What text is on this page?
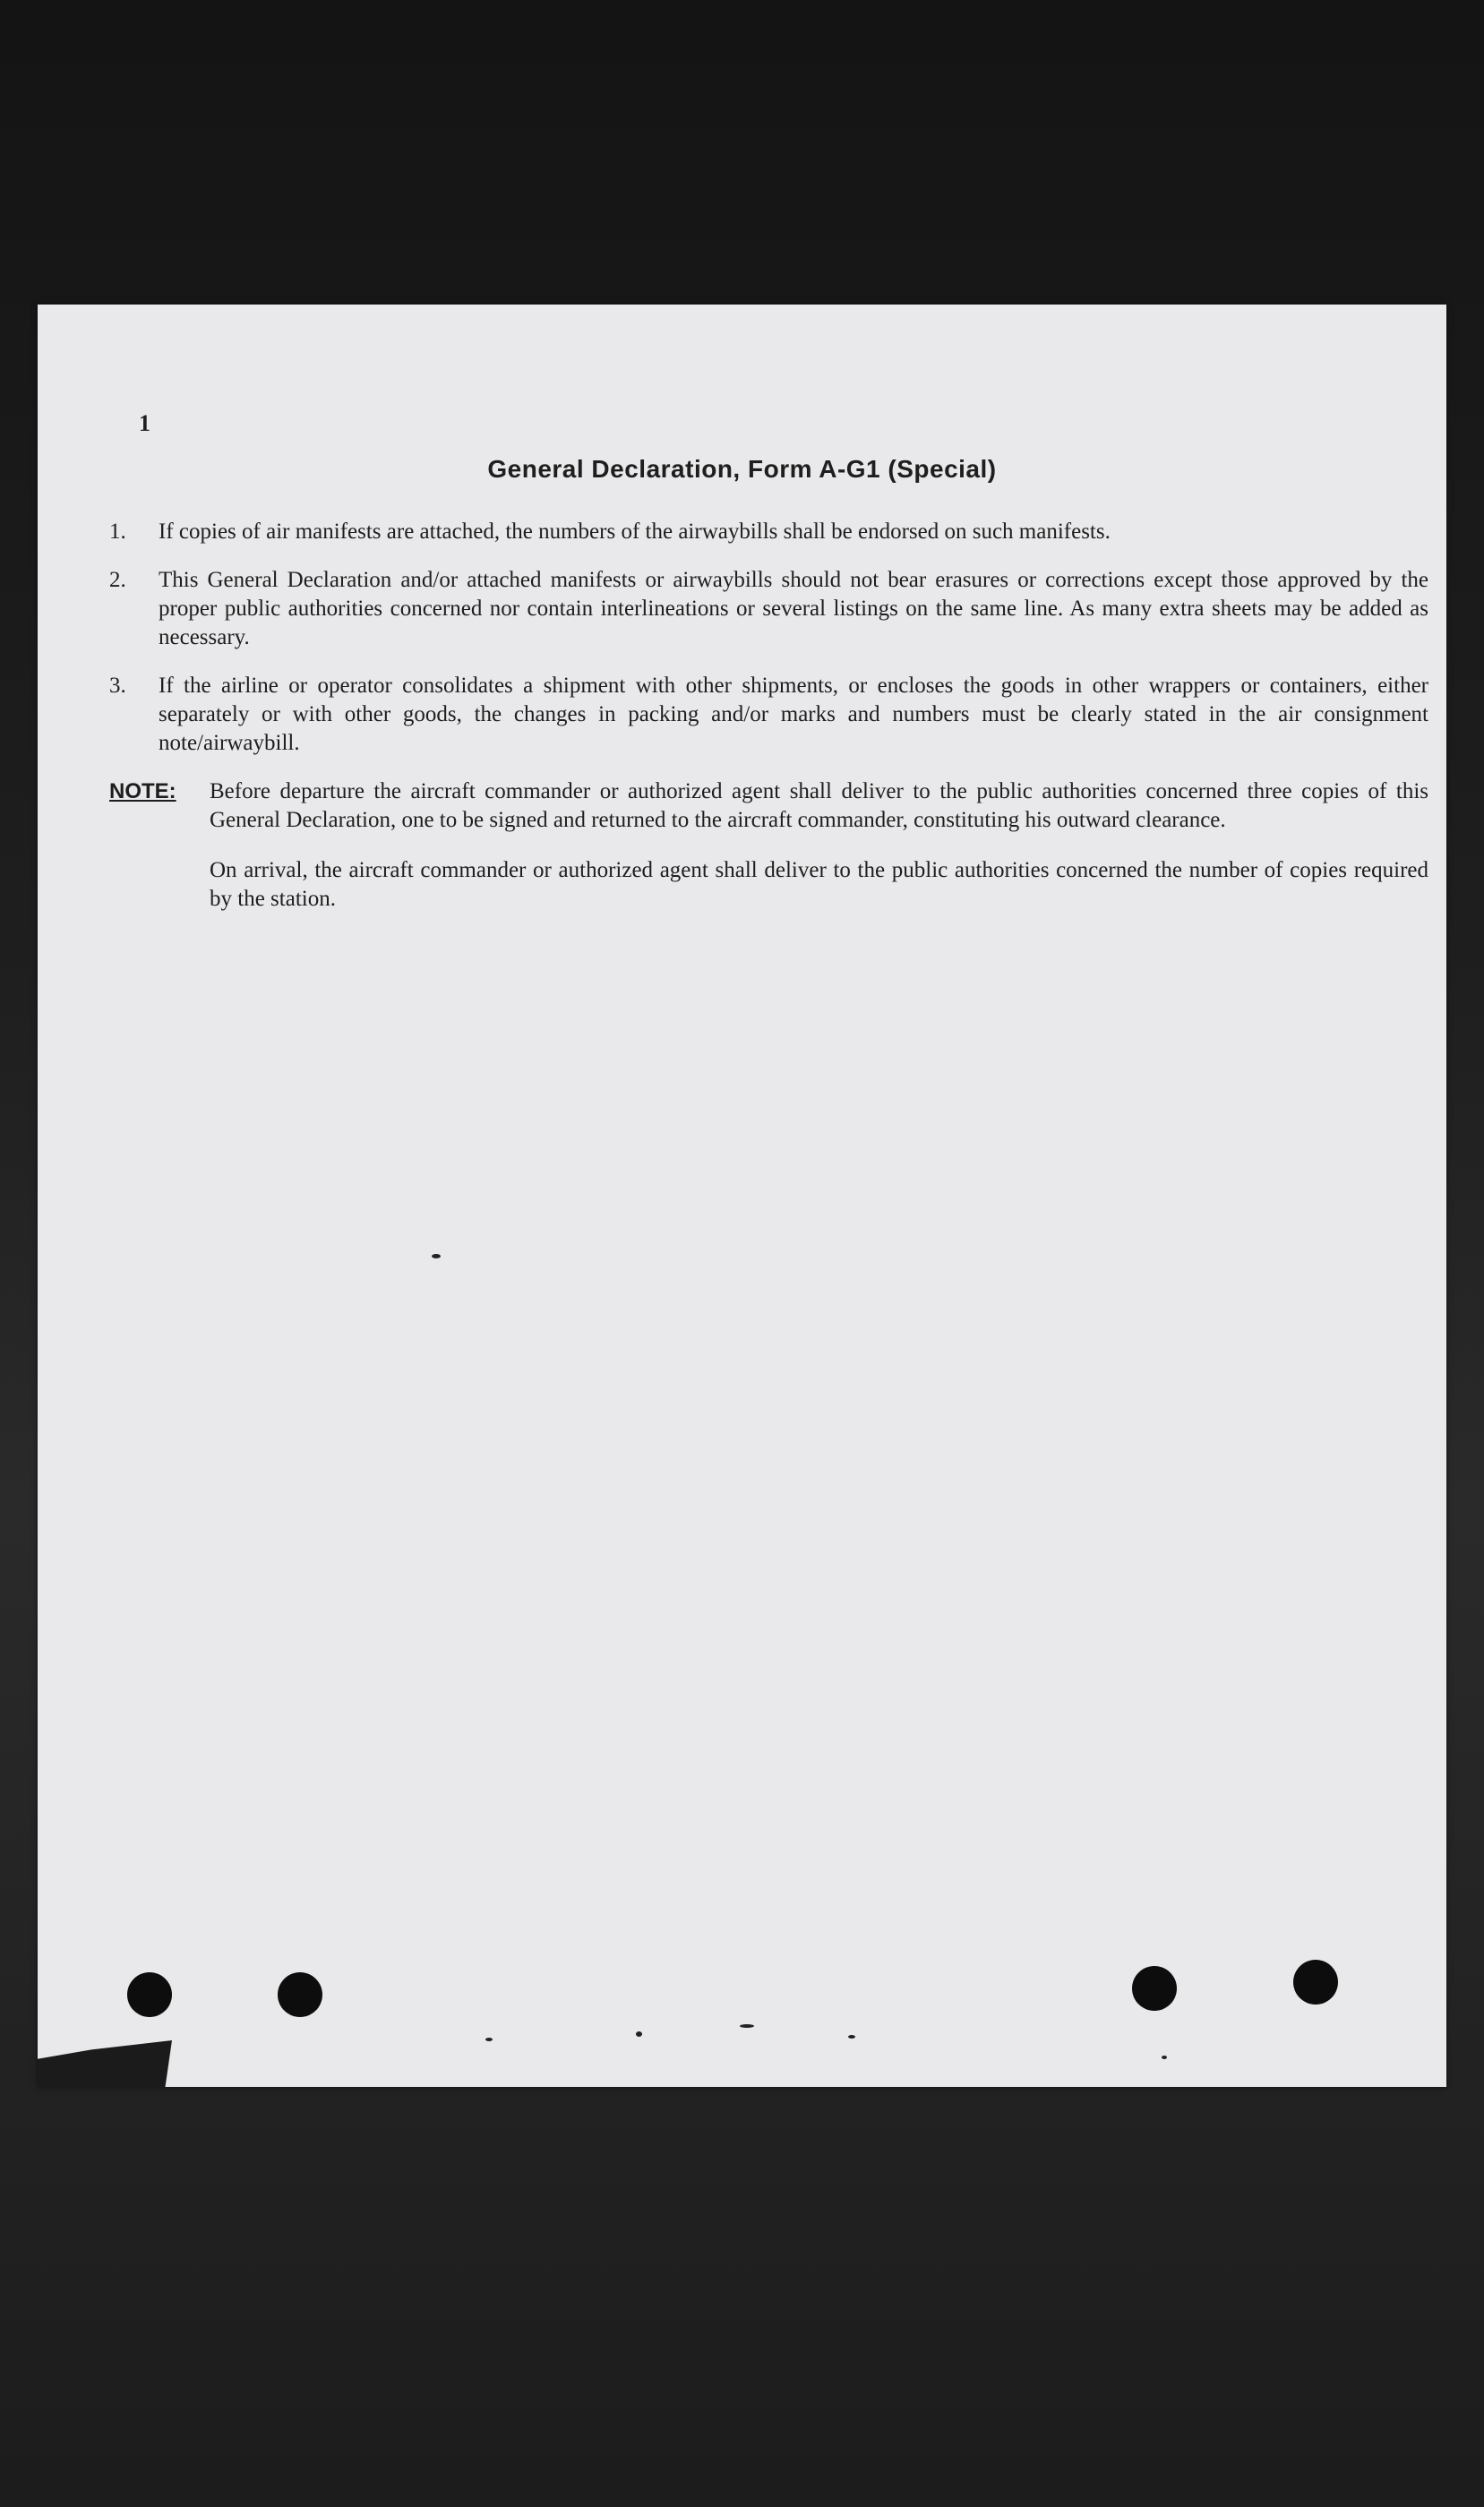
1

General Declaration, Form A-G1 (Special)
1.	If copies of air manifests are attached, the numbers of the airwaybills shall be endorsed on such manifests.
2.	This General Declaration and/or attached manifests or airwaybills should not bear erasures or corrections except those approved by the proper public authorities concerned nor contain interlineations or several listings on the same line. As many extra sheets may be added as necessary.
3.	If the airline or operator consolidates a shipment with other shipments, or encloses the goods in other wrappers or containers, either separately or with other goods, the changes in packing and/or marks and numbers must be clearly stated in the air consignment note/airwaybill.
NOTE:	Before departure the aircraft commander or authorized agent shall deliver to the public authorities concerned three copies of this General Declaration, one to be signed and returned to the aircraft commander, constituting his outward clearance.

On arrival, the aircraft commander or authorized agent shall deliver to the public authorities concerned the number of copies required by the station.
